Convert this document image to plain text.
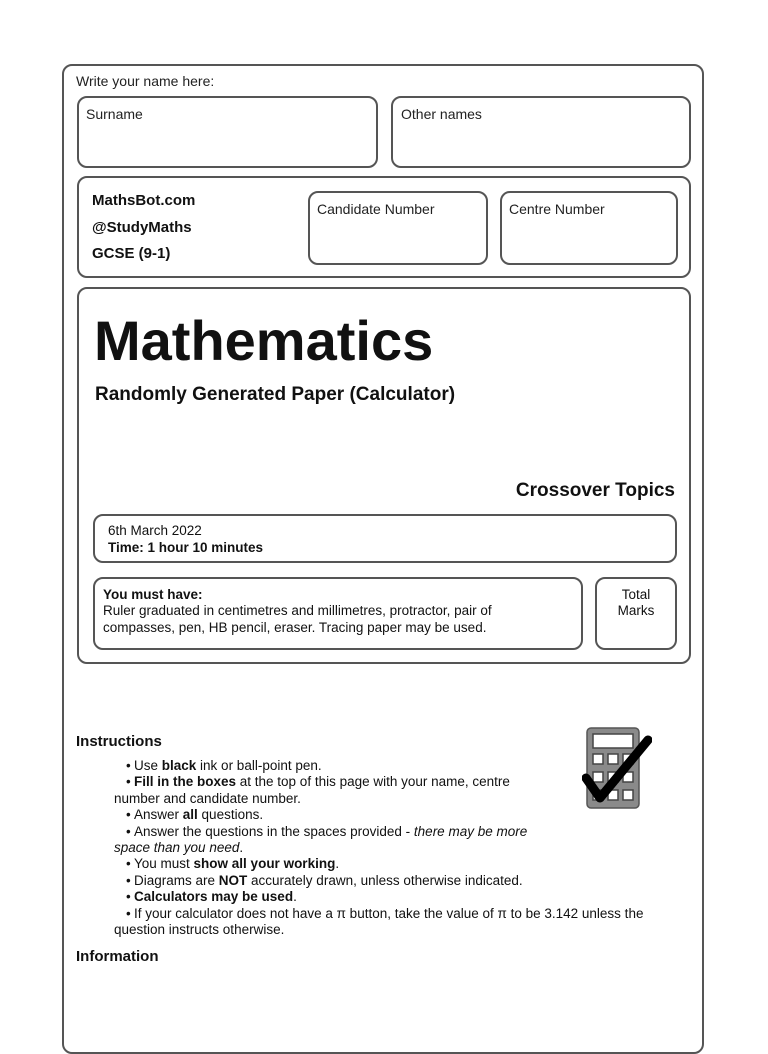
Write your name here:
Surname	Other names
MathsBot.com
@StudyMaths
GCSE (9-1)
Candidate Number	Centre Number
Mathematics
Randomly Generated Paper (Calculator)
Crossover Topics
6th March 2022
Time: 1 hour 10 minutes
You must have:
Ruler graduated in centimetres and millimetres, protractor, pair of
compasses, pen, HB pencil, eraser. Tracing paper may be used.
Total
Marks
Instructions
• Use black ink or ball-point pen.
• Fill in the boxes at the top of this page with your name, centre
number and candidate number.
• Answer all questions.
• Answer the questions in the spaces provided - there may be more
space than you need.
• You must show all your working.
• Diagrams are NOT accurately drawn, unless otherwise indicated.
• Calculators may be used.
• If your calculator does not have a π button, take the value of π to be 3.142 unless the
question instructs otherwise.
Information
